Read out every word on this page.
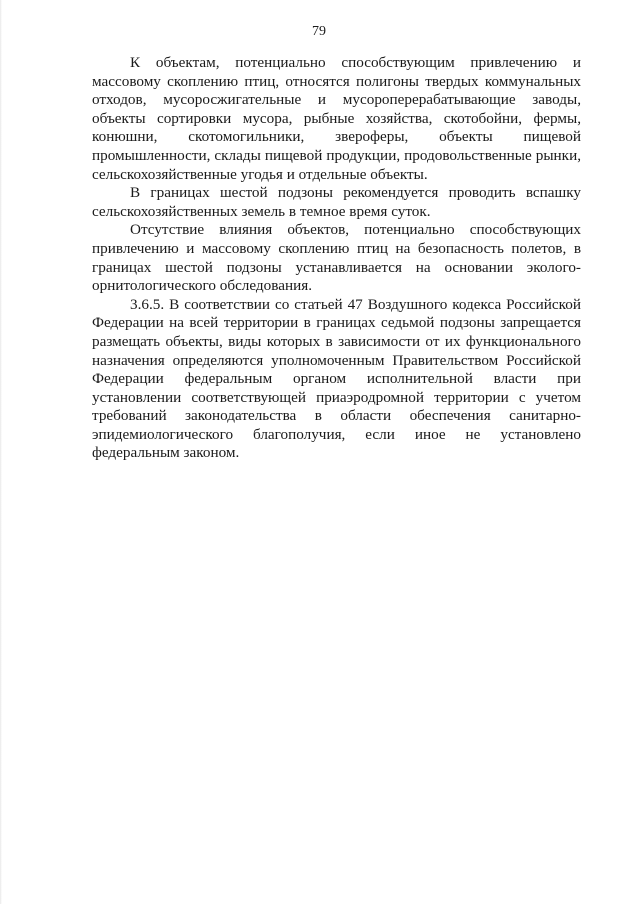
79

К объектам, потенциально способствующим привлечению и массовому скоплению птиц, относятся полигоны твердых коммунальных отходов, мусоросжигательные и мусороперерабатывающие заводы, объекты сортировки мусора, рыбные хозяйства, скотобойни, фермы, конюшни, скотомогильники, звероферы, объекты пищевой промышленности, склады пищевой продукции, продовольственные рынки, сельскохозяйственные угодья и отдельные объекты.

В границах шестой подзоны рекомендуется проводить вспашку сельскохозяйственных земель в темное время суток.

Отсутствие влияния объектов, потенциально способствующих привлечению и массовому скоплению птиц на безопасность полетов, в границах шестой подзоны устанавливается на основании эколого-орнитологического обследования.

3.6.5. В соответствии со статьей 47 Воздушного кодекса Российской Федерации на всей территории в границах седьмой подзоны запрещается размещать объекты, виды которых в зависимости от их функционального назначения определяются уполномоченным Правительством Российской Федерации федеральным органом исполнительной власти при установлении соответствующей приаэродромной территории с учетом требований законодательства в области обеспечения санитарно-эпидемиологического благополучия, если иное не установлено федеральным законом.
